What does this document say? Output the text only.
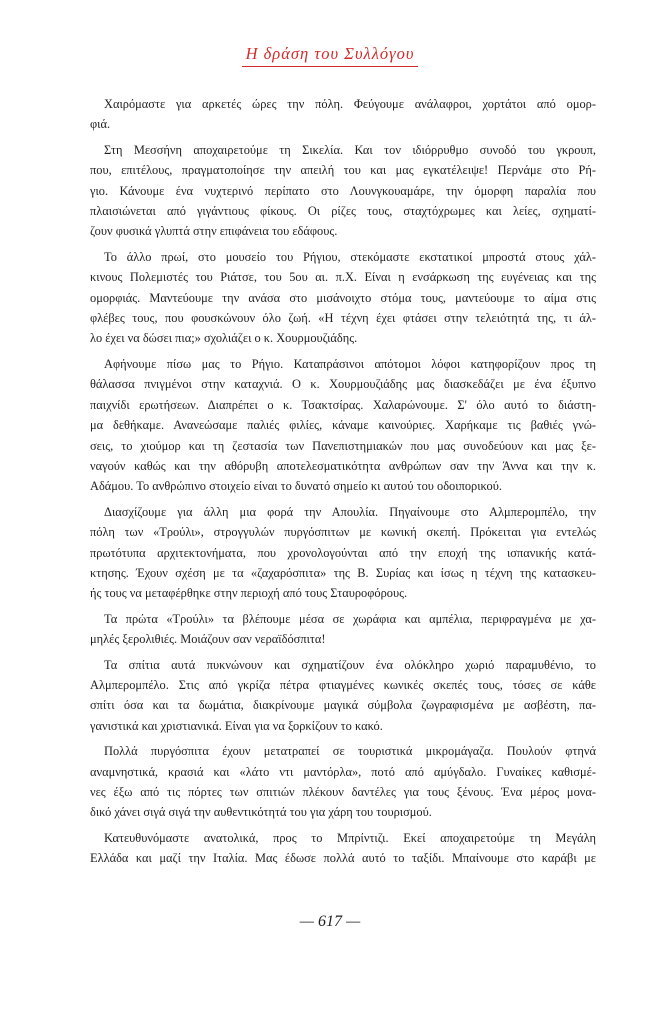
Η δράση του Συλλόγου

Χαιρόμαστε για αρκετές ώρες την πόλη. Φεύγουμε ανάλαφροι, χορτάτοι από ομορ-
φιά.

Στη Μεσσήνη αποχαιρετούμε τη Σικελία. Και τον ιδιόρρυθμο συνοδό του γκρουπ,
που, επιτέλους, πραγματοποίησε την απειλή του και μας εγκατέλειψε! Περνάμε στο Ρή-
γιο. Κάνουμε ένα νυχτερινό περίπατο στο Λουνγκουαμάρε, την όμορφη παραλία που
πλαισιώνεται από γιγάντιους φίκους. Οι ρίζες τους, σταχτόχρωμες και λείες, σχηματί-
ζουν φυσικά γλυπτά στην επιφάνεια του εδάφους.

Το άλλο πρωί, στο μουσείο του Ρήγιου, στεκόμαστε εκστατικοί μπροστά στους χάλ-
κινους Πολεμιστές του Ριάτσε, του 5ου αι. π.Χ. Είναι η ενσάρκωση της ευγένειας και της
ομορφιάς. Μαντεύουμε την ανάσα στο μισάνοιχτο στόμα τους, μαντεύουμε το αίμα στις
φλέβες τους, που φουσκώνουν όλο ζωή. «Η τέχνη έχει φτάσει στην τελειότητά της, τι άλ-
λο έχει να δώσει πια;» σχολιάζει ο κ. Χουρμουζιάδης.

Αφήνουμε πίσω μας το Ρήγιο. Καταπράσινοι απότομοι λόφοι κατηφορίζουν προς τη
θάλασσα πνιγμένοι στην καταχνιά. Ο κ. Χουρμουζιάδης μας διασκεδάζει με ένα έξυπνο
παιχνίδι ερωτήσεων. Διαπρέπει ο κ. Τσακτσίρας. Χαλαρώνουμε. Σ' όλο αυτό το διάστη-
μα δεθήκαμε. Ανανεώσαμε παλιές φιλίες, κάναμε καινούριες. Χαρήκαμε τις βαθιές γνώ-
σεις, το χιούμορ και τη ζεστασία των Πανεπιστημιακών που μας συνοδεύουν και μας ξε-
ναγούν καθώς και την αθόρυβη αποτελεσματικότητα ανθρώπων σαν την Άννα και την κ.
Αδάμου. Το ανθρώπινο στοιχείο είναι το δυνατό σημείο κι αυτού του οδοιπορικού.

Διασχίζουμε για άλλη μια φορά την Απουλία. Πηγαίνουμε στο Αλμπερομπέλο, την
πόλη των «Τρούλι», στρογγυλών πυργόσπιτων με κωνική σκεπή. Πρόκειται για εντελώς
πρωτότυπα αρχιτεκτονήματα, που χρονολογούνται από την εποχή της ισπανικής κατά-
κτησης. Έχουν σχέση με τα «ζαχαρόσπιτα» της Β. Συρίας και ίσως η τέχνη της κατασκευ-
ής τους να μεταφέρθηκε στην περιοχή από τους Σταυροφόρους.

Τα πρώτα «Τρούλι» τα βλέπουμε μέσα σε χωράφια και αμπέλια, περιφραγμένα με χα-
μηλές ξερολιθιές. Μοιάζουν σαν νεραϊδόσπιτα!

Τα σπίτια αυτά πυκνώνουν και σχηματίζουν ένα ολόκληρο χωριό παραμυθένιο, το
Αλμπερομπέλο. Στις από γκρίζα πέτρα φτιαγμένες κωνικές σκεπές τους, τόσες σε κάθε
σπίτι όσα και τα δωμάτια, διακρίνουμε μαγικά σύμβολα ζωγραφισμένα με ασβέστη, πα-
γανιστικά και χριστιανικά. Είναι για να ξορκίζουν το κακό.

Πολλά πυργόσπιτα έχουν μετατραπεί σε τουριστικά μικρομάγαζα. Πουλούν φτηνά
αναμνηστικά, κρασιά και «λάτο ντι μαντόρλα», ποτό από αμύγδαλο. Γυναίκες καθισμέ-
νες έξω από τις πόρτες των σπιτιών πλέκουν δαντέλες για τους ξένους. Ένα μέρος μονα-
δικό χάνει σιγά σιγά την αυθεντικότητά του για χάρη του τουρισμού.

Κατευθυνόμαστε ανατολικά, προς το Μπρίντιζι. Εκεί αποχαιρετούμε τη Μεγάλη
Ελλάδα και μαζί την Ιταλία. Μας έδωσε πολλά αυτό το ταξίδι. Μπαίνουμε στο καράβι με

— 617 —
